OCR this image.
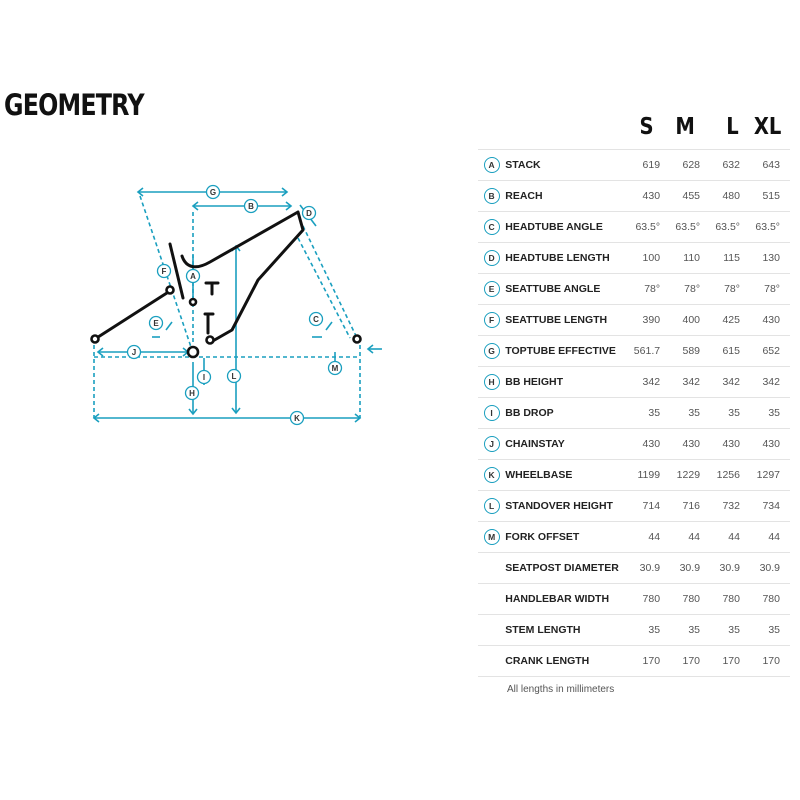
GEOMETRY
G
B
D
F
A
E	C
J
I	L
M
H
K
S M L XL
A	STACK	619	628	632	643
B	REACH	430	455	480	515
C	HEADTUBE ANGLE	63.5°	63.5°	63.5°	63.5°
D	HEADTUBE LENGTH	100	110	115	130
E	SEATTUBE ANGLE	78°	78°	78°	78°
F	SEATTUBE LENGTH	390	400	425	430
G	TOPTUBE EFFECTIVE	561.7	589	615	652
H	BB HEIGHT	342	342	342	342
I	BB DROP	35	35	35	35
J	CHAINSTAY	430	430	430	430
K	WHEELBASE	1199	1229	1256	1297
L	STANDOVER HEIGHT	714	716	732	734
M	FORK OFFSET	44	44	44	44
	SEATPOST DIAMETER	30.9	30.9	30.9	30.9
	HANDLEBAR WIDTH	780	780	780	780
	STEM LENGTH	35	35	35	35
	CRANK LENGTH	170	170	170	170
All lengths in millimeters
